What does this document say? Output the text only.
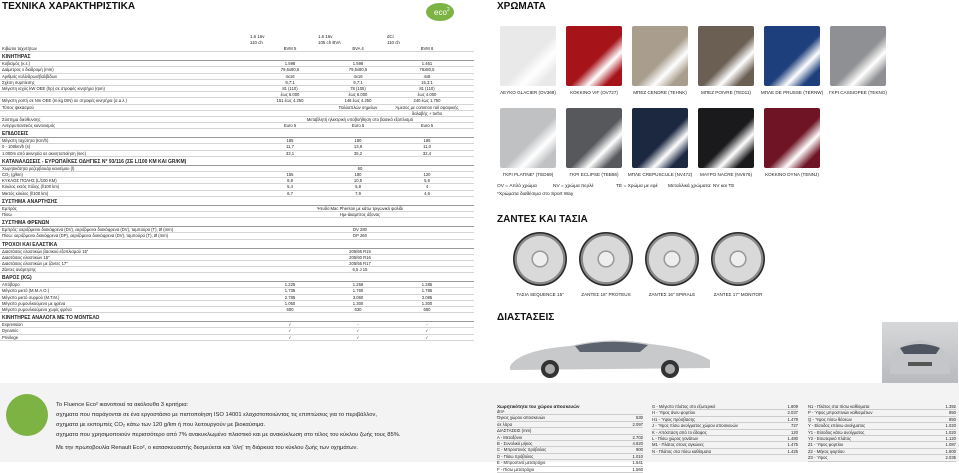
ΤΕΧΝΙΚΑ ΧΑΡΑΚΤΗΡΙΣΤΙΚΑ	ΧΡΩΜΑΤΑ
ΖΑΝΤΕΣ ΚΑΙ ΤΑΣΙΑ
ΔΙΑΣΤΑΣΕΙΣ
eco 2
1.6 16v
110 ch
1.6 16v
105 ch BVA
dCi
110 ch
Κιβώτιο ταχυτήτων	BVM 5	BVA 4	BVM 6
ΚΙΝΗΤΗΡΑΣ
Κυβισμός (κ.ε.)	1.598	1.598	1.461
Διάμετρος x διαδρομή (mm)	79,5x80,5	79,5x80,5	76x80,5
Αριθμός κυλίνδρων/βαλβίδων	4x16	4x16	4x8
Σχέση συμπίεσης	9,7:1	9,7:1	15,3:1
Μέγιστη ισχύς kW ΟΕΕ (hp) σε στροφές κινητήρα (rpm)	81 (110)	78 (105)	81 (110)
έως 6.000	έως 6.000	έως 4.000
Μέγιστη ροπή σε Nm ΟΕΕ (m.kg DIN) σε στροφές κινητήρα (σ.α.λ.)	151 έως 4.250	146 έως 4.250	240 έως 1.750
Τύπος ψεκασμού	Πολλαπλών σημείων	Άμεσος με common rail σφαιρικής
δαλαβής + turbo
Σύστημα διεύθυνσης	Μεταβλητή ηλεκτρική υποβοήθηση στο βασικό εξοπλισμό
Αντιρρυπαντικός κανονισμός	Euro 5	Euro 5	Euro 5
ΕΠΙΔΟΣΕΙΣ
Μέγιστη ταχύτητα (Km/h)	185	180	185
0 - 100km/h (s)	11,7	13,9	11,0
1.000m από ακινησία σε ακινητοποίηση (sec)	33,1	35,2	32,4
ΚΑΤΑΝΑΛΩΣΕΙΣ - ΕΥΡΩΠΑΪΚΕΣ ΟΔΗΓΙΕΣ N° 93/116 (ΣΕ L/100 KM KAI GR/KM)
Χωρητικότητα ρεζερβουάρ καυσίμου (l)	60
CO₂ (g/km)	155	180	120
ΚΥΚΛΟΣ ΠΟΛΗΣ (L/100 KM)	8,8	10,5	5,6
Κύκλος εκτός πόλης (l/100 km)	5,4	5,8	4
Μικτός κύκλος (l/100 km)	6,7	7,9	4,6
ΣΥΣΤΗΜΑ ΑΝΑΡΤΗΣΗΣ
Εμπρός	Ψευδο Mac Pherson με κάτω τριγωνικό ψαλίδι
Πίσω	Ημι-άκαμπτος άξονας
ΣΥΣΤΗΜΑ ΦΡΕΝΩΝ
Εμπρός: αεριζόμενοι δισκόφρενα (DV), αεριζόμενοι δισκόφρενα (DV), ταμπούρα (T), Ø (mm)	DV 280
Πίσω: αεριζόμενοι δισκόφρενα (DP), αεριζόμενοι δισκόφρενα (DV), ταμπούρα (T), Ø (mm)	DP 260
ΤΡΟΧΟΙ ΚΑΙ ΕΛΑΣΤΙΚΑ
Διαστάσεις ελαστικών βασικού εξοπλισμού 15"	205/65 R15
Διαστάσεις ελαστικών 16"	205/60 R16
Διαστάσεις ελαστικών με ζάντες 17"	205/55 R17
Ζάντες ανάρτησης	6,5 J 15
ΒΑΡΟΣ (KG)
Απόβαρο	1.225	1.258	1.285
Μέγιστο μικτό (Μ.Μ.Α.Ο.)	1.735	1.760	1.785
Μέγιστο μικτό συρμού (Μ.Τ.Μ.)	2.785	3.060	3.085
Μέγιστο ρυμουλκούμενο με φρένα	1.050	1.300	1.300
Μέγιστο ρυμουλκούμενο χωρίς φρένα	600	630	650
ΚΙΝΗΤΗΡΕΣ ΑΝΑΛΟΓΑ ΜΕ ΤΟ ΜΟΝΤΕΛΟ
Expression	✓	-	-
Dynamic	✓	✓	✓
Privilege	✓	✓	✓
ΛΕΥΚΟ GLACIER (OV369)	ΚΟΚΚΙΝΟ VIF (OV727)	ΜΠΕΖ CENDRE (TEHNK)	ΜΠΕΖ POIVRE (TED11)	ΜΠΛΕ DE PRUSSE (TERNW)	ΓΚΡΙ CASSIOPEE (TEKNG)
ΓΚΡΙ PLATINE* (TED69)	ΓΚΡΙ ECLIPSE (TEB66)	ΜΠΛΕ CREPUSCULE (NV472)	ΜΑΥΡΟ NACRE (NV676)	ΚΟΚΚΙΝΟ DYNA (TENNJ)
OV = Απλό χρώμα	NV = χρώμα περλέ	TE = Χρώμα με εφέ Μεταλλικά χρώματα: NV και TE
*Χρώματα διαθέσιμα στο Sport Way
ΤΑΣΙΑ SEQUENCE 15"	ΖΑΝΤΕΣ 16" PROTEUS	ΖΑΝΤΕΣ 16" SPIRALE	ΖΑΝΤΕΣ 17" MONITOR
Το Fluence Eco² ικανοποιεί τα ακόλουθα 3 κριτήρια:
σχηματα που παράγονται σε ένα εργοστάσιο με πιστοποίηση ISO 14001 ελαχιστοποιώντας τις επιπτώσεις για το περιβάλλον,
σχηματα με εκπομπές CO₂ κάτω των 120 g/km ή που λειτουργούν με βιοκαύσιμα.
σχηματα που χρησιμοποιούν περισσότερο από 7% ανακυκλωμένο πλαστικό και με ανακύκλωση στο τέλος του κύκλου ζωής τους 85%.
Με την πρωτοβουλία Renault Eco², ο κατασκευαστής δεσμεύεται και 'όλη' τη διάρκεια του κύκλου ζωής των οχημάτων.
Χωρητικότητα του χώρου αποσκευών
dm³
Όγκος χώρου αποσκευών	530
σε λίτρα	2.097
ΔΙΑΣΤΑΣΕΙΣ (mm)
A - Μεταξόνιο	2.702
B - Συνολικό μήκος	4.620
C - Μπροστινός πρόβολος	900
D - Πίσω πρόβολος	1.010
E - Μπροστινό μετατρόχιο	1.541
F - Πίσω μετατρόχιο	1.560
G - Μέγιστο πλάτος στο εξωτερικό	1.809
H - Ύψος άνευ φορτίου	2.037
H1 - Ύψος πρόσβασης	1.479
J - Ύψος πίσω ανοίγματος χώρου αποσκευών	727
K - Απόσταση από το έδαφος	120
L - Πίσω χώρος γονάτων	1.480
M1 - Πλάτος στους αγκώνες	1.475
N - Πλάτος στα πίσω καθίσματα	1.425
N1 - Πλάτος στα πίσω καθίσματα	1.392
P - Ύψος μπροστινών καθισμάτων	850
Q - Ύψος πίσω θέσεων	850
Y - Είσοδος επάνω ανοίγματος	1.020
Y1 - Είσοδος κάτω ανοίγματος	1.020
Y2 - Εσωτερικό πλάτος	1.120
Z1 - Ύψος φορτίου	1.087
Z2 - Μήκος φορτίου	1.800
Z3 - Ύψος	2.035
